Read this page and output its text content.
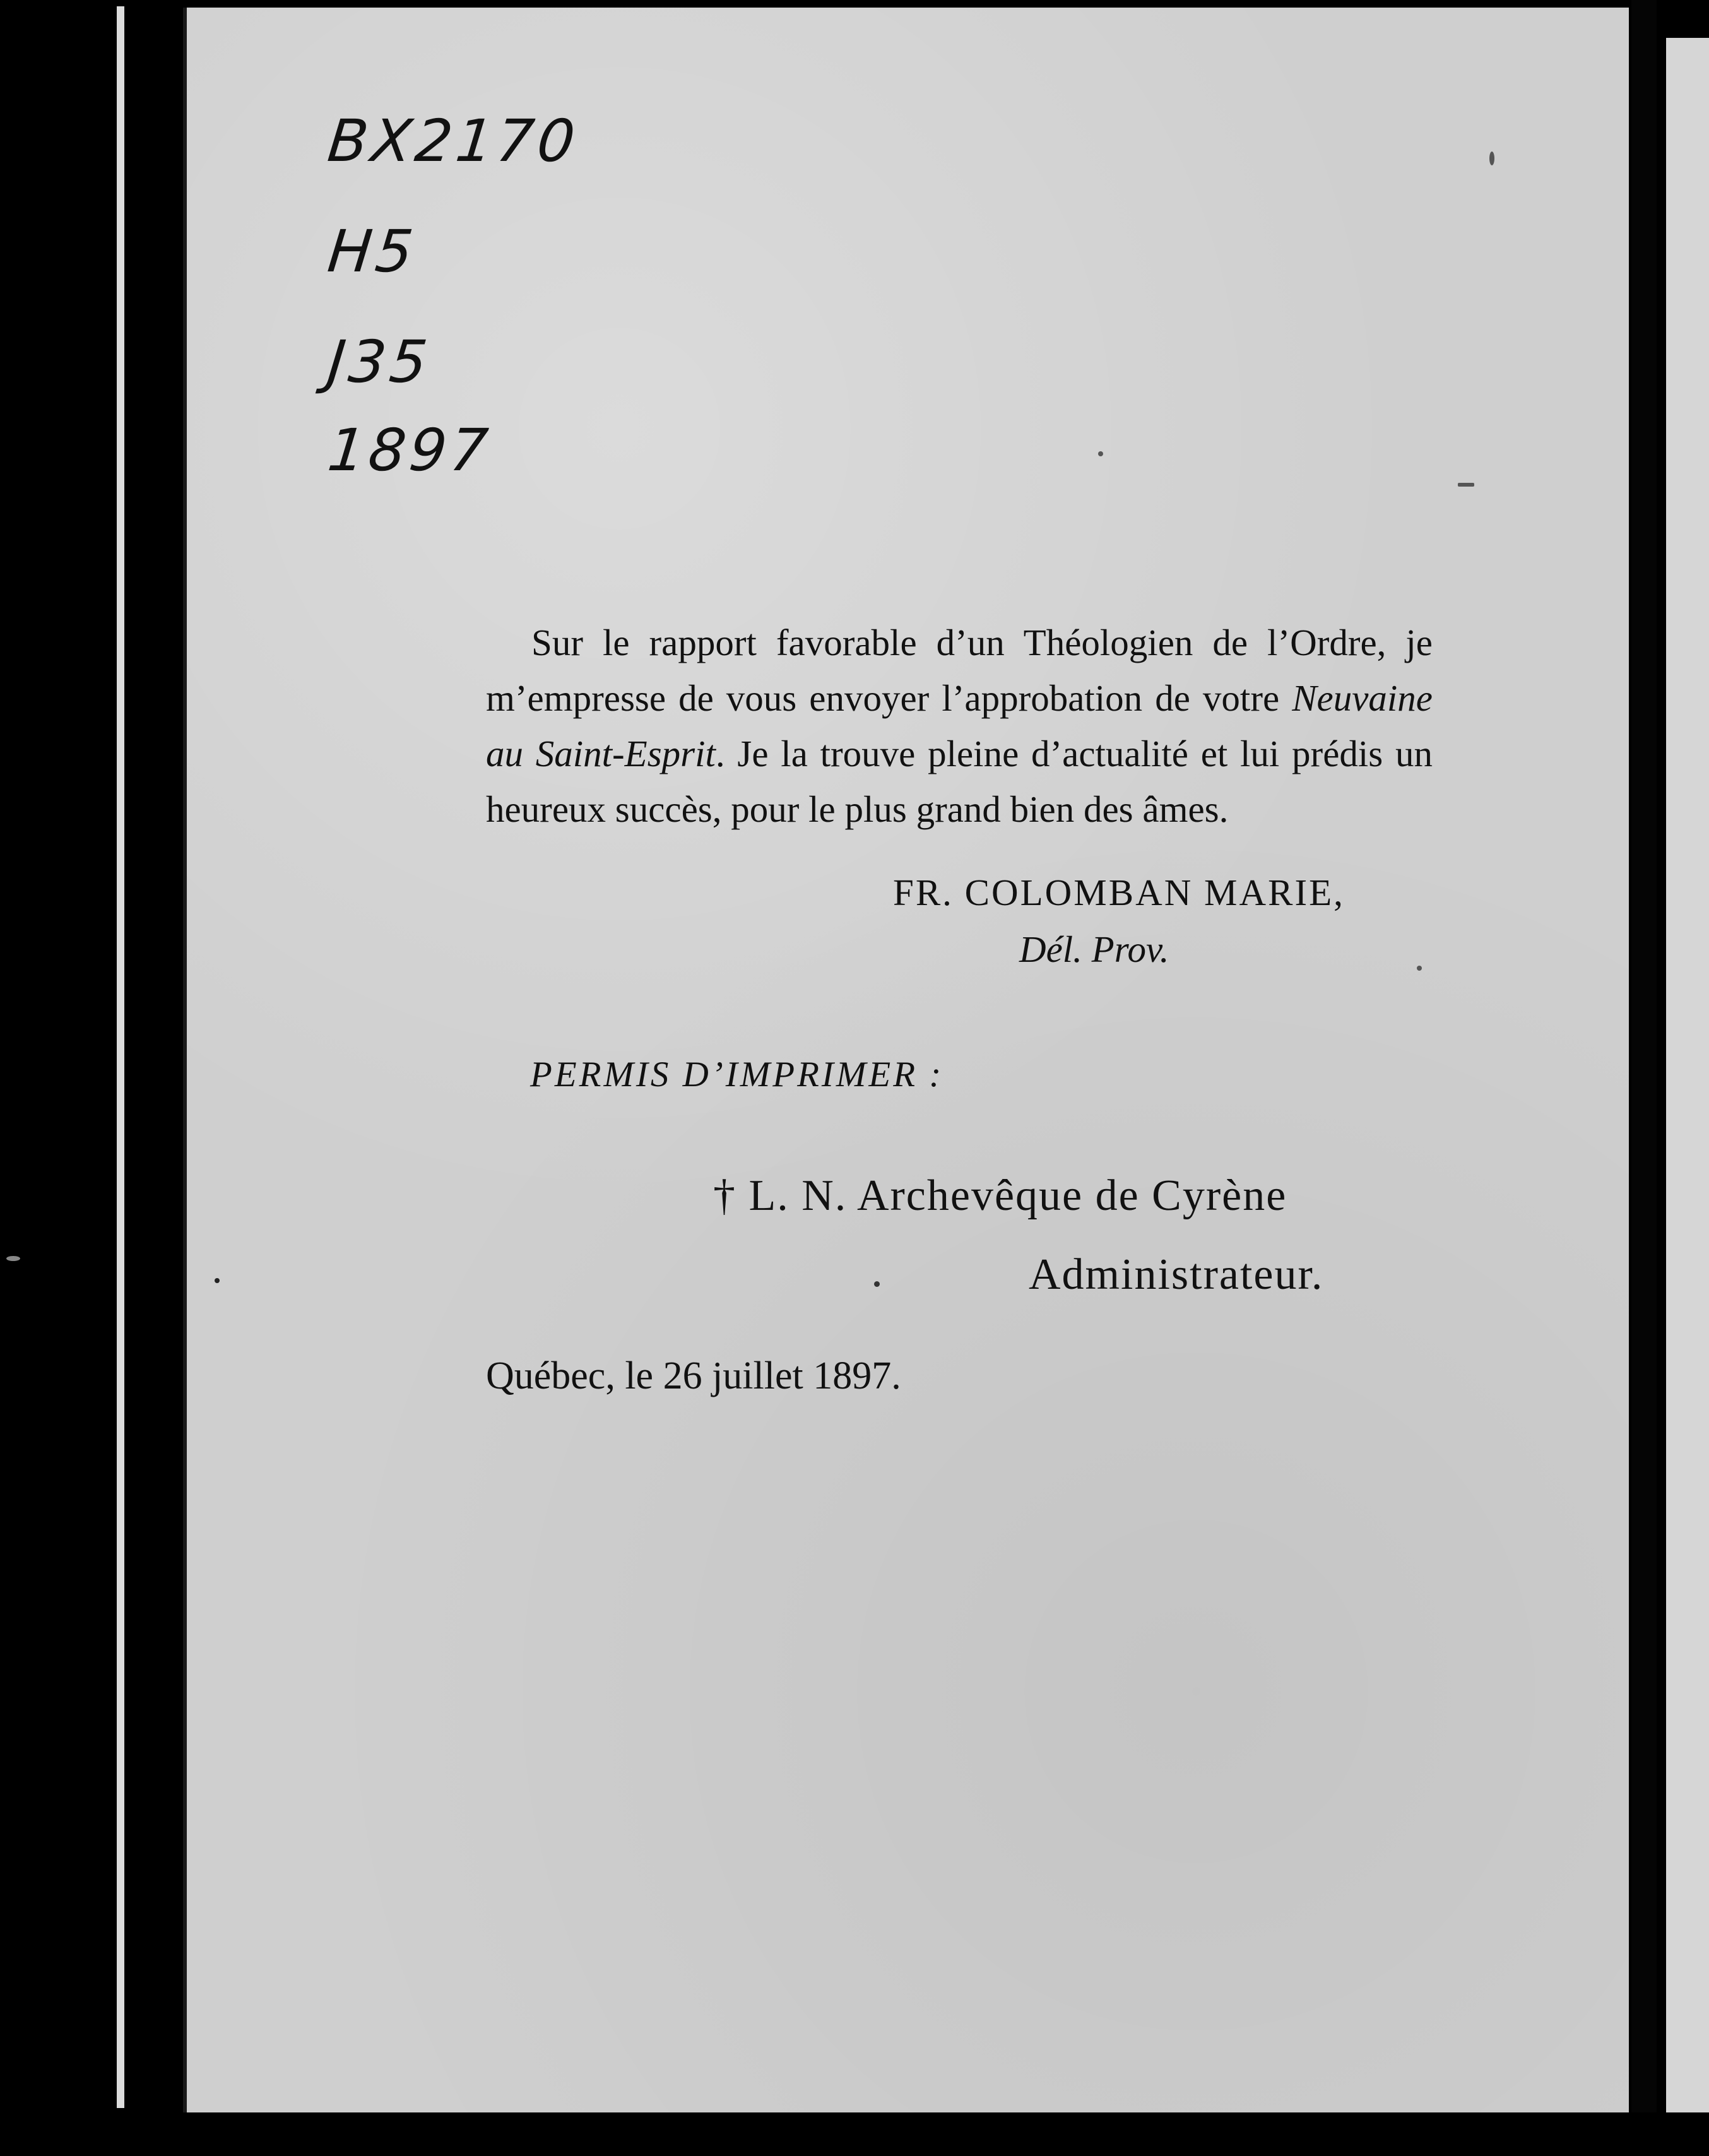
BX2170
H5
J35
1897

Sur le rapport favorable d’un Théologien de l’Ordre, je m’empresse de vous envoyer l’approbation de votre Neuvaine au Saint-Esprit. Je la trouve pleine d’actualité et lui prédis un heureux succès, pour le plus grand bien des âmes.

FR. COLOMBAN MARIE,
Dél. Prov.
PERMIS D’IMPRIMER :
† L. N. Archevêque de Cyrène
Administrateur.
Québec, le 26 juillet 1897.
